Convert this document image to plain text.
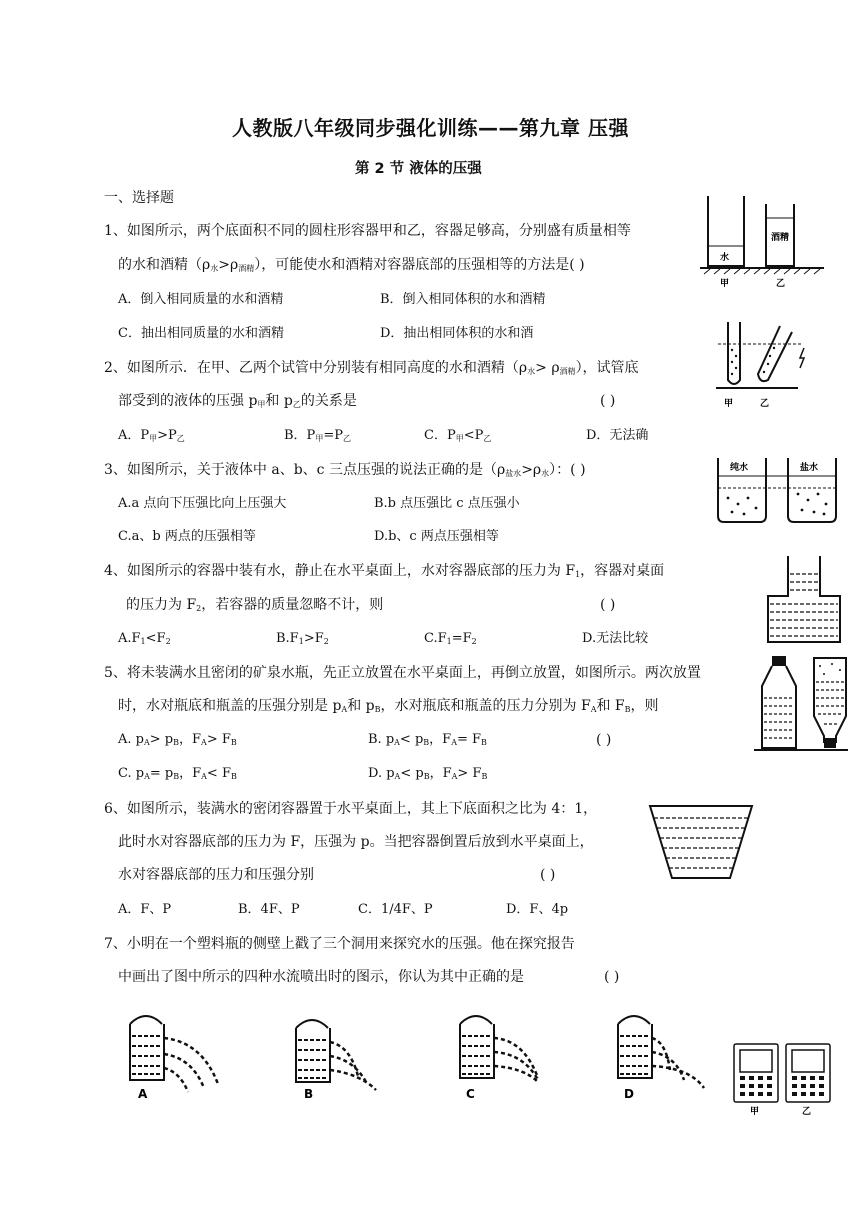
人教版八年级同步强化训练——第九章 压强
第 2 节 液体的压强
一、选择题
1、如图所示，两个底面积不同的圆柱形容器甲和乙，容器足够高，分别盛有质量相等
的水和酒精$(\rho_水>\rho_{酒精})$，可能使水和酒精对容器底部的压强相等的方法是( )
A．倒入相同质量的水和酒精	B．倒入相同体积的水和酒精
C．抽出相同质量的水和酒精	D．抽出相同体积的水和酒
水
酒精
甲	乙
2、如图所示．在甲、乙两个试管中分别装有相同高度的水和酒精$(\rho_水> \rho_{酒精})$，试管底
部受到的液体的压强 $p_甲$和 $p_乙$的关系是	( )
A．$P_甲>P_乙$	B．$P_甲=P_乙$	C．$P_甲<P_乙$	D．无法确
甲	乙
3、如图所示，关于液体中 a、b、c 三点压强的说法正确的是$(\rho_{盐水}>\rho_水)$：( )
A.a 点向下压强比向上压强大	B.b 点压强比 c 点压强小
C.a、b 两点的压强相等	D.b、c 两点压强相等
纯水	盐水
4、如图所示的容器中装有水，静止在水平桌面上，水对容器底部的压力为 $F_1$，容器对桌面
的压力为 $F_2$，若容器的质量忽略不计，则	( )
$A.F_1<F_2$	$B.F_1>F_2$	$C.F_1=F_2$	D.无法比较
5、将未装满水且密闭的矿泉水瓶，先正立放置在水平桌面上，再倒立放置，如图所示。两次放置
时，水对瓶底和瓶盖的压强分别是 $p_A$和 $p_B$，水对瓶底和瓶盖的压力分别为 $F_A$和 $F_B$，则
A. $p_A> p_B$，$F_A> F_B$	B. $p_A< p_B$，$F_A= F_B$	( )
C. $p_A= p_B$，$F_A< F_B$	D. $p_A< p_B$，$F_A> F_B$
6、如图所示，装满水的密闭容器置于水平桌面上，其上下底面积之比为 4：1，
此时水对容器底部的压力为 F，压强为 p。当把容器倒置后放到水平桌面上，
水对容器底部的压力和压强分别	( )
A．F、P	B．4F、P	C．1/4F、P	D．F、4p
7、小明在一个塑料瓶的侧壁上戳了三个洞用来探究水的压强。他在探究报告
中画出了图中所示的四种水流喷出时的图示，你认为其中正确的是	( )
A	B	C	D
甲	乙
